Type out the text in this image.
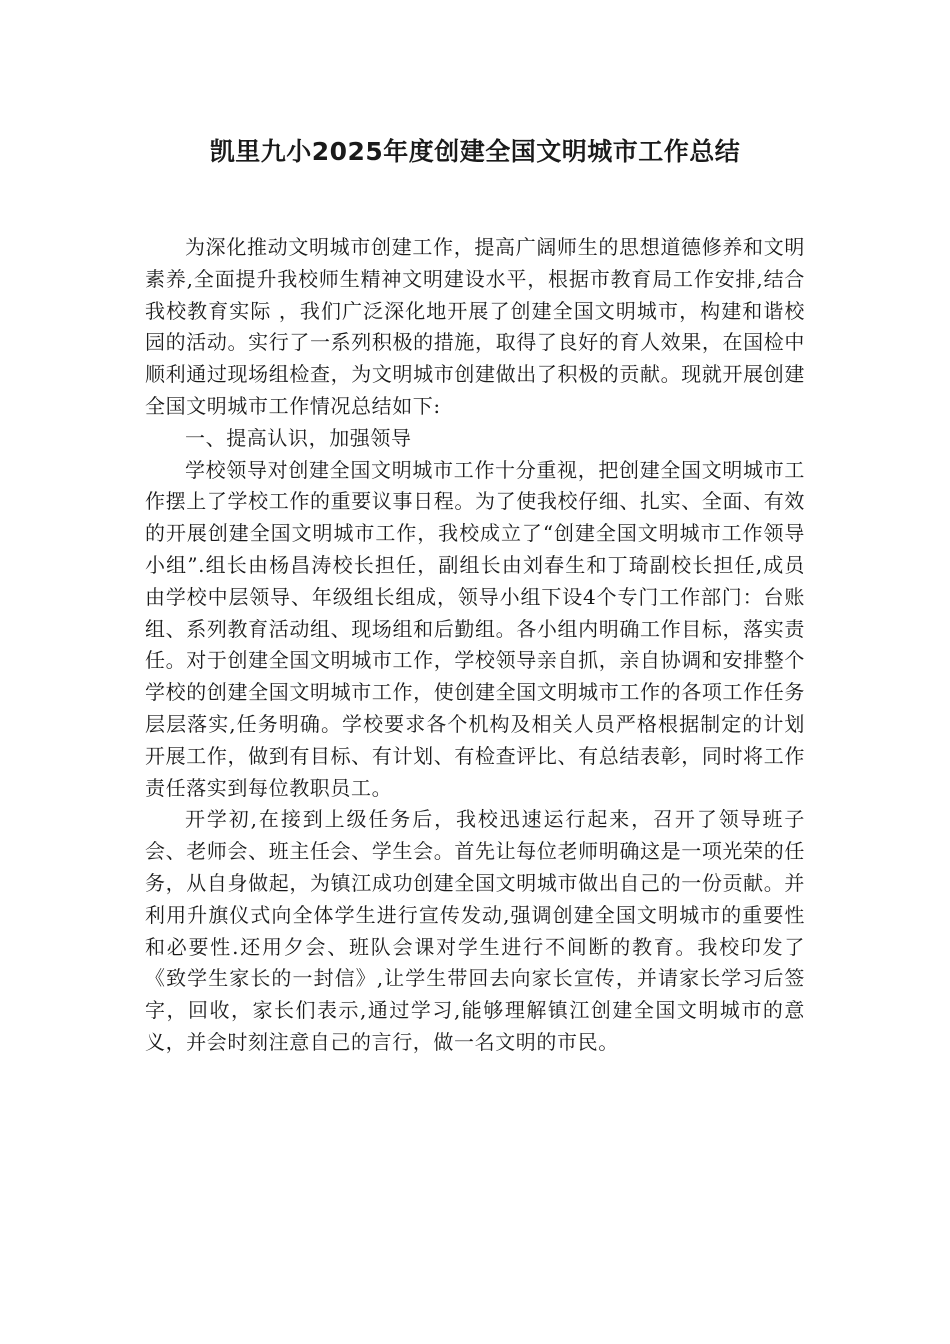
凯里九小2025年度创建全国文明城市工作总结

为深化推动文明城市创建工作，提高广阔师生的思想道德修养和文明素养,全面提升我校师生精神文明建设水平，根据市教育局工作安排,结合我校教育实际 ，我们广泛深化地开展了创建全国文明城市，构建和谐校园的活动。实行了一系列积极的措施，取得了良好的育人效果，在国检中顺利通过现场组检查，为文明城市创建做出了积极的贡献。现就开展创建全国文明城市工作情况总结如下:

一、提高认识，加强领导

学校领导对创建全国文明城市工作十分重视，把创建全国文明城市工作摆上了学校工作的重要议事日程。为了使我校仔细、扎实、全面、有效的开展创建全国文明城市工作，我校成立了“创建全国文明城市工作领导小组”.组长由杨昌涛校长担任，副组长由刘春生和丁琦副校长担任,成员由学校中层领导、年级组长组成，领导小组下设4个专门工作部门：台账组、系列教育活动组、现场组和后勤组。各小组内明确工作目标，落实责任。对于创建全国文明城市工作，学校领导亲自抓，亲自协调和安排整个学校的创建全国文明城市工作，使创建全国文明城市工作的各项工作任务层层落实,任务明确。学校要求各个机构及相关人员严格根据制定的计划开展工作，做到有目标、有计划、有检查评比、有总结表彰，同时将工作责任落实到每位教职员工。

开学初,在接到上级任务后，我校迅速运行起来，召开了领导班子会、老师会、班主任会、学生会。首先让每位老师明确这是一项光荣的任务，从自身做起，为镇江成功创建全国文明城市做出自己的一份贡献。并利用升旗仪式向全体学生进行宣传发动,强调创建全国文明城市的重要性和必要性.还用夕会、班队会课对学生进行不间断的教育。我校印发了《致学生家长的一封信》,让学生带回去向家长宣传，并请家长学习后签字，回收，家长们表示,通过学习,能够理解镇江创建全国文明城市的意义，并会时刻注意自己的言行，做一名文明的市民。
